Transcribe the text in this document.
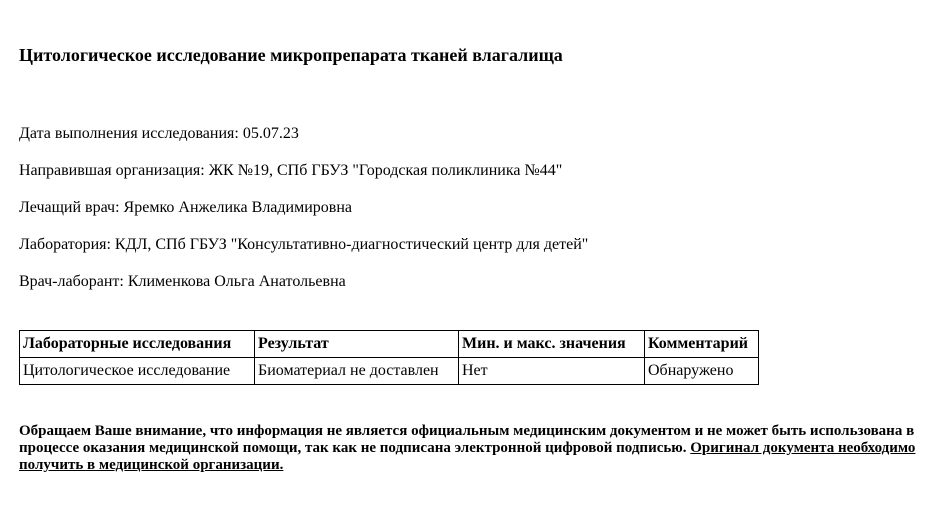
Цитологическое исследование микропрепарата тканей влагалища

Дата выполнения исследования: 05.07.23

Направившая организация: ЖК №19, СПб ГБУЗ "Городская поликлиника №44"

Лечащий врач: Яремко Анжелика Владимировна

Лаборатория: КДЛ, СПб ГБУЗ "Консультативно-диагностический центр для детей"

Врач-лаборант: Клименкова Ольга Анатольевна

Лабораторные исследования	Результат	Мин. и макс. значения	Комментарий
Цитологическое исследование	Биоматериал не доставлен	Нет	Обнаружено

Обращаем Ваше внимание, что информация не является официальным медицинским документом и не может быть использована в процессе оказания медицинской помощи, так как не подписана электронной цифровой подписью. Оригинал документа необходимо получить в медицинской организации.
